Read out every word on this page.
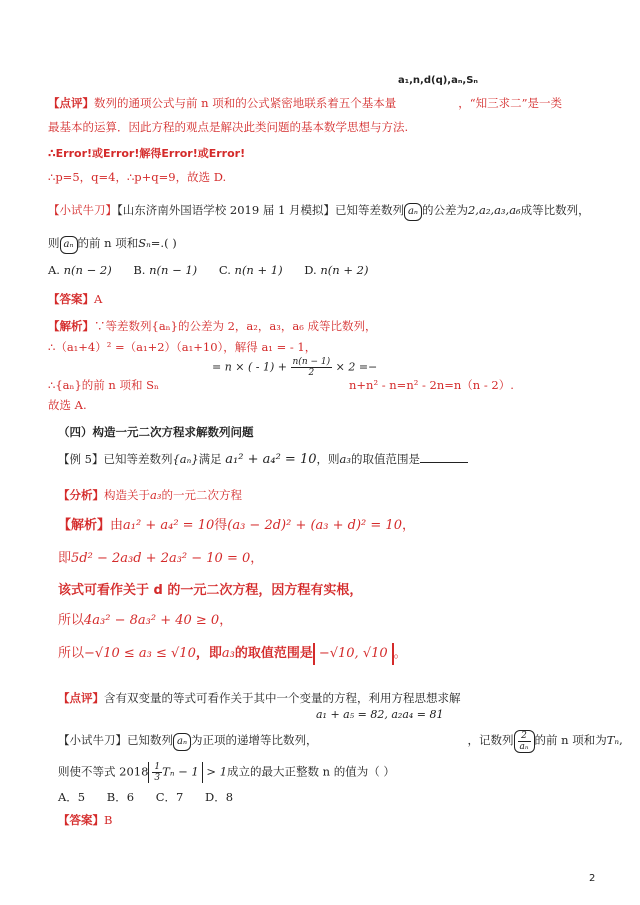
a₁,n,d(q),aₙ,Sₙ
【点评】数列的通项公式与前 n 项和的公式紧密地联系着五个基本量	，“知三求二”是一类
最基本的运算．因此方程的观点是解决此类问题的基本数学思想与方法.
∴Error!或Error!解得Error!或Error!
∴p=5，q=4，∴p+q=9，故选 D.
【小试牛刀】【山东济南外国语学校 2019 届 1 月模拟】已知等差数列 aₙ 的公差为2,a₂,a₃,a₆成等比数列，
则 aₙ 的前 n 项和Sₙ=.( )
A. n(n − 2) B. n(n − 1) C. n(n + 1) D. n(n + 2)
【答案】A
【解析】∵等差数列{aₙ}的公差为 2，a₂，a₃，a₆ 成等比数列，
∴（a₁+4）² =（a₁+2）（a₁+10），解得 a₁ = - 1，
= n × ( - $1) + \frac{n(n - 1)}{2} \times 2$ =−
∴{aₙ}的前 n 项和 Sₙ	n+n² - n=n² - 2n=n（n - 2）.
故选 A.
（四）构造一元二次方程求解数列问题
【例 5】已知等差数列{aₙ}满足 a₁² + a₄² = 10，则a₃的取值范围是
【分析】构造关于a₃的一元二次方程
【解析】由a₁² + a₄² = 10得(a₃ − 2d)² + (a₃ + d)² = 10，
即5d² − 2a₃d + 2a₃² − 10 = 0，
该式可看作关于 d 的一元二次方程，因方程有实根，
所以4a₃² − 8a₃² + 40 ≥ 0，
所以−√10 ≤ a₃ ≤ √10，即a₃的取值范围是 −√10, √10 。
【点评】含有双变量的等式可看作关于其中一个变量的方程，利用方程思想求解
a₁ + a₅ = 82, a₂a₄ = 81
【小试牛刀】已知数列 aₙ 为正项的递增等比数列，	，记数列 $\frac{2}{\text{aₙ}}$ 的前 n 项和为Tₙ,
则使不等式 $2018 \frac{1}{3}$ Tₙ − 1 > 1成立的最大正整数 n 的值为（ ）
A．5 B．6 C．7 D．8
【答案】B
2
